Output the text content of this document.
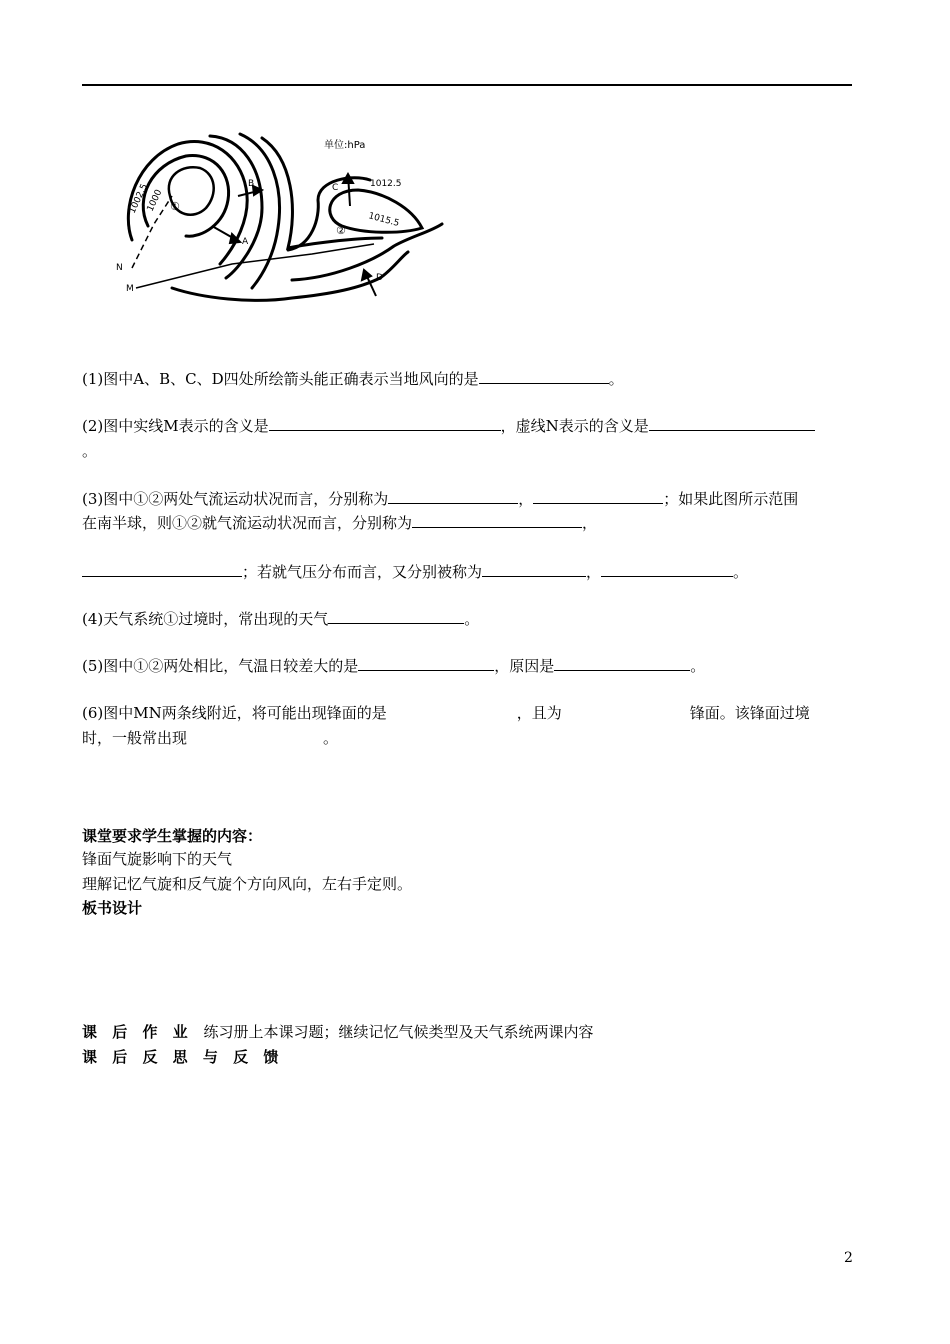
单位:hPa
1002.5
1000
1012.5
1015.5
①
②
A
B	C
D
N
M
(1)图中A、B、C、D四处所绘箭头能正确表示当地风向的是	。
(2)图中实线M表示的含义是	，虚线N表示的含义是
。
(3)图中①②两处气流运动状况而言，分别称为	，	；如果此图所示范围
在南半球，则①②就气流运动状况而言，分别称为	，
；若就气压分布而言，又分别被称为	，	。
(4)天气系统①过境时，常出现的天气	。
(5)图中①②两处相比，气温日较差大的是	，原因是	。
(6)图中MN两条线附近，将可能出现锋面的是	，且为	锋面。该锋面过境
时，一般常出现	。
课堂要求学生掌握的内容：
锋面气旋影响下的天气
理解记忆气旋和反气旋个方向风向，左右手定则。
板书设计
课 后 作 业 练习册上本课习题；继续记忆气候类型及天气系统两课内容
课 后 反 思 与 反 馈
2
